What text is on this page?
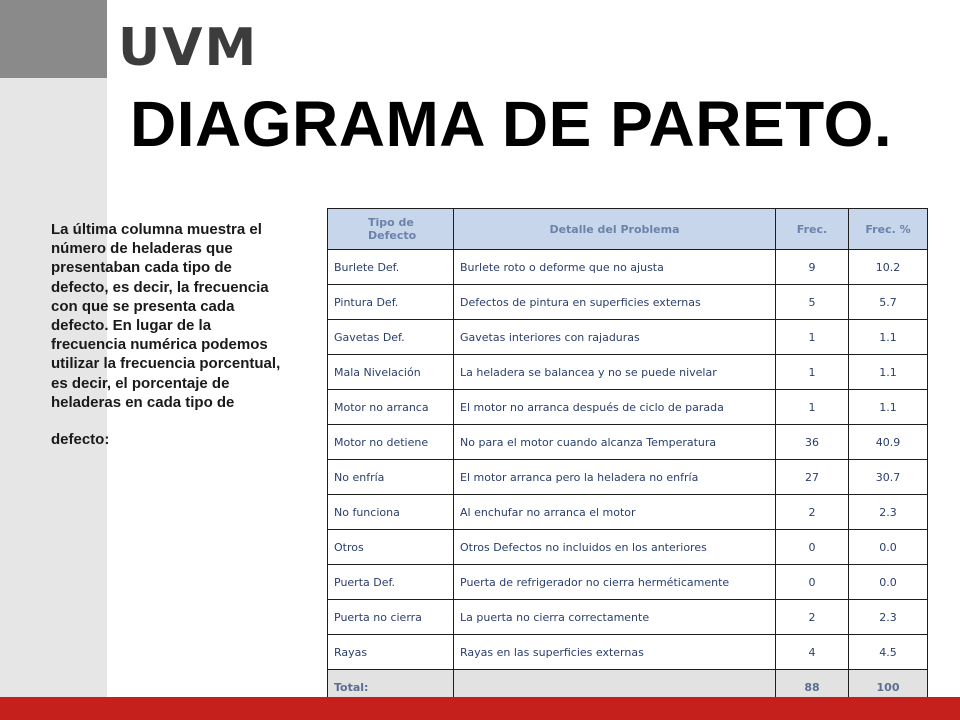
UVM
DIAGRAMA DE PARETO.

La última columna muestra el número de heladeras que presentaban cada tipo de defecto, es decir, la frecuencia con que se presenta cada defecto. En lugar de la frecuencia numérica podemos utilizar la frecuencia porcentual, es decir, el porcentaje de heladeras en cada tipo de

defecto:

Tipo de Defecto	Detalle del Problema	Frec.	Frec. %
Burlete Def.	Burlete roto o deforme que no ajusta	9	10.2
Pintura Def.	Defectos de pintura en superficies externas	5	5.7
Gavetas Def.	Gavetas interiores con rajaduras	1	1.1
Mala Nivelación	La heladera se balancea y no se puede nivelar	1	1.1
Motor no arranca	El motor no arranca después de ciclo de parada	1	1.1
Motor no detiene	No para el motor cuando alcanza Temperatura	36	40.9
No enfría	El motor arranca pero la heladera no enfría	27	30.7
No funciona	Al enchufar no arranca el motor	2	2.3
Otros	Otros Defectos no incluidos en los anteriores	0	0.0
Puerta Def.	Puerta de refrigerador no cierra herméticamente	0	0.0
Puerta no cierra	La puerta no cierra correctamente	2	2.3
Rayas	Rayas en las superficies externas	4	4.5
Total:		88	100
